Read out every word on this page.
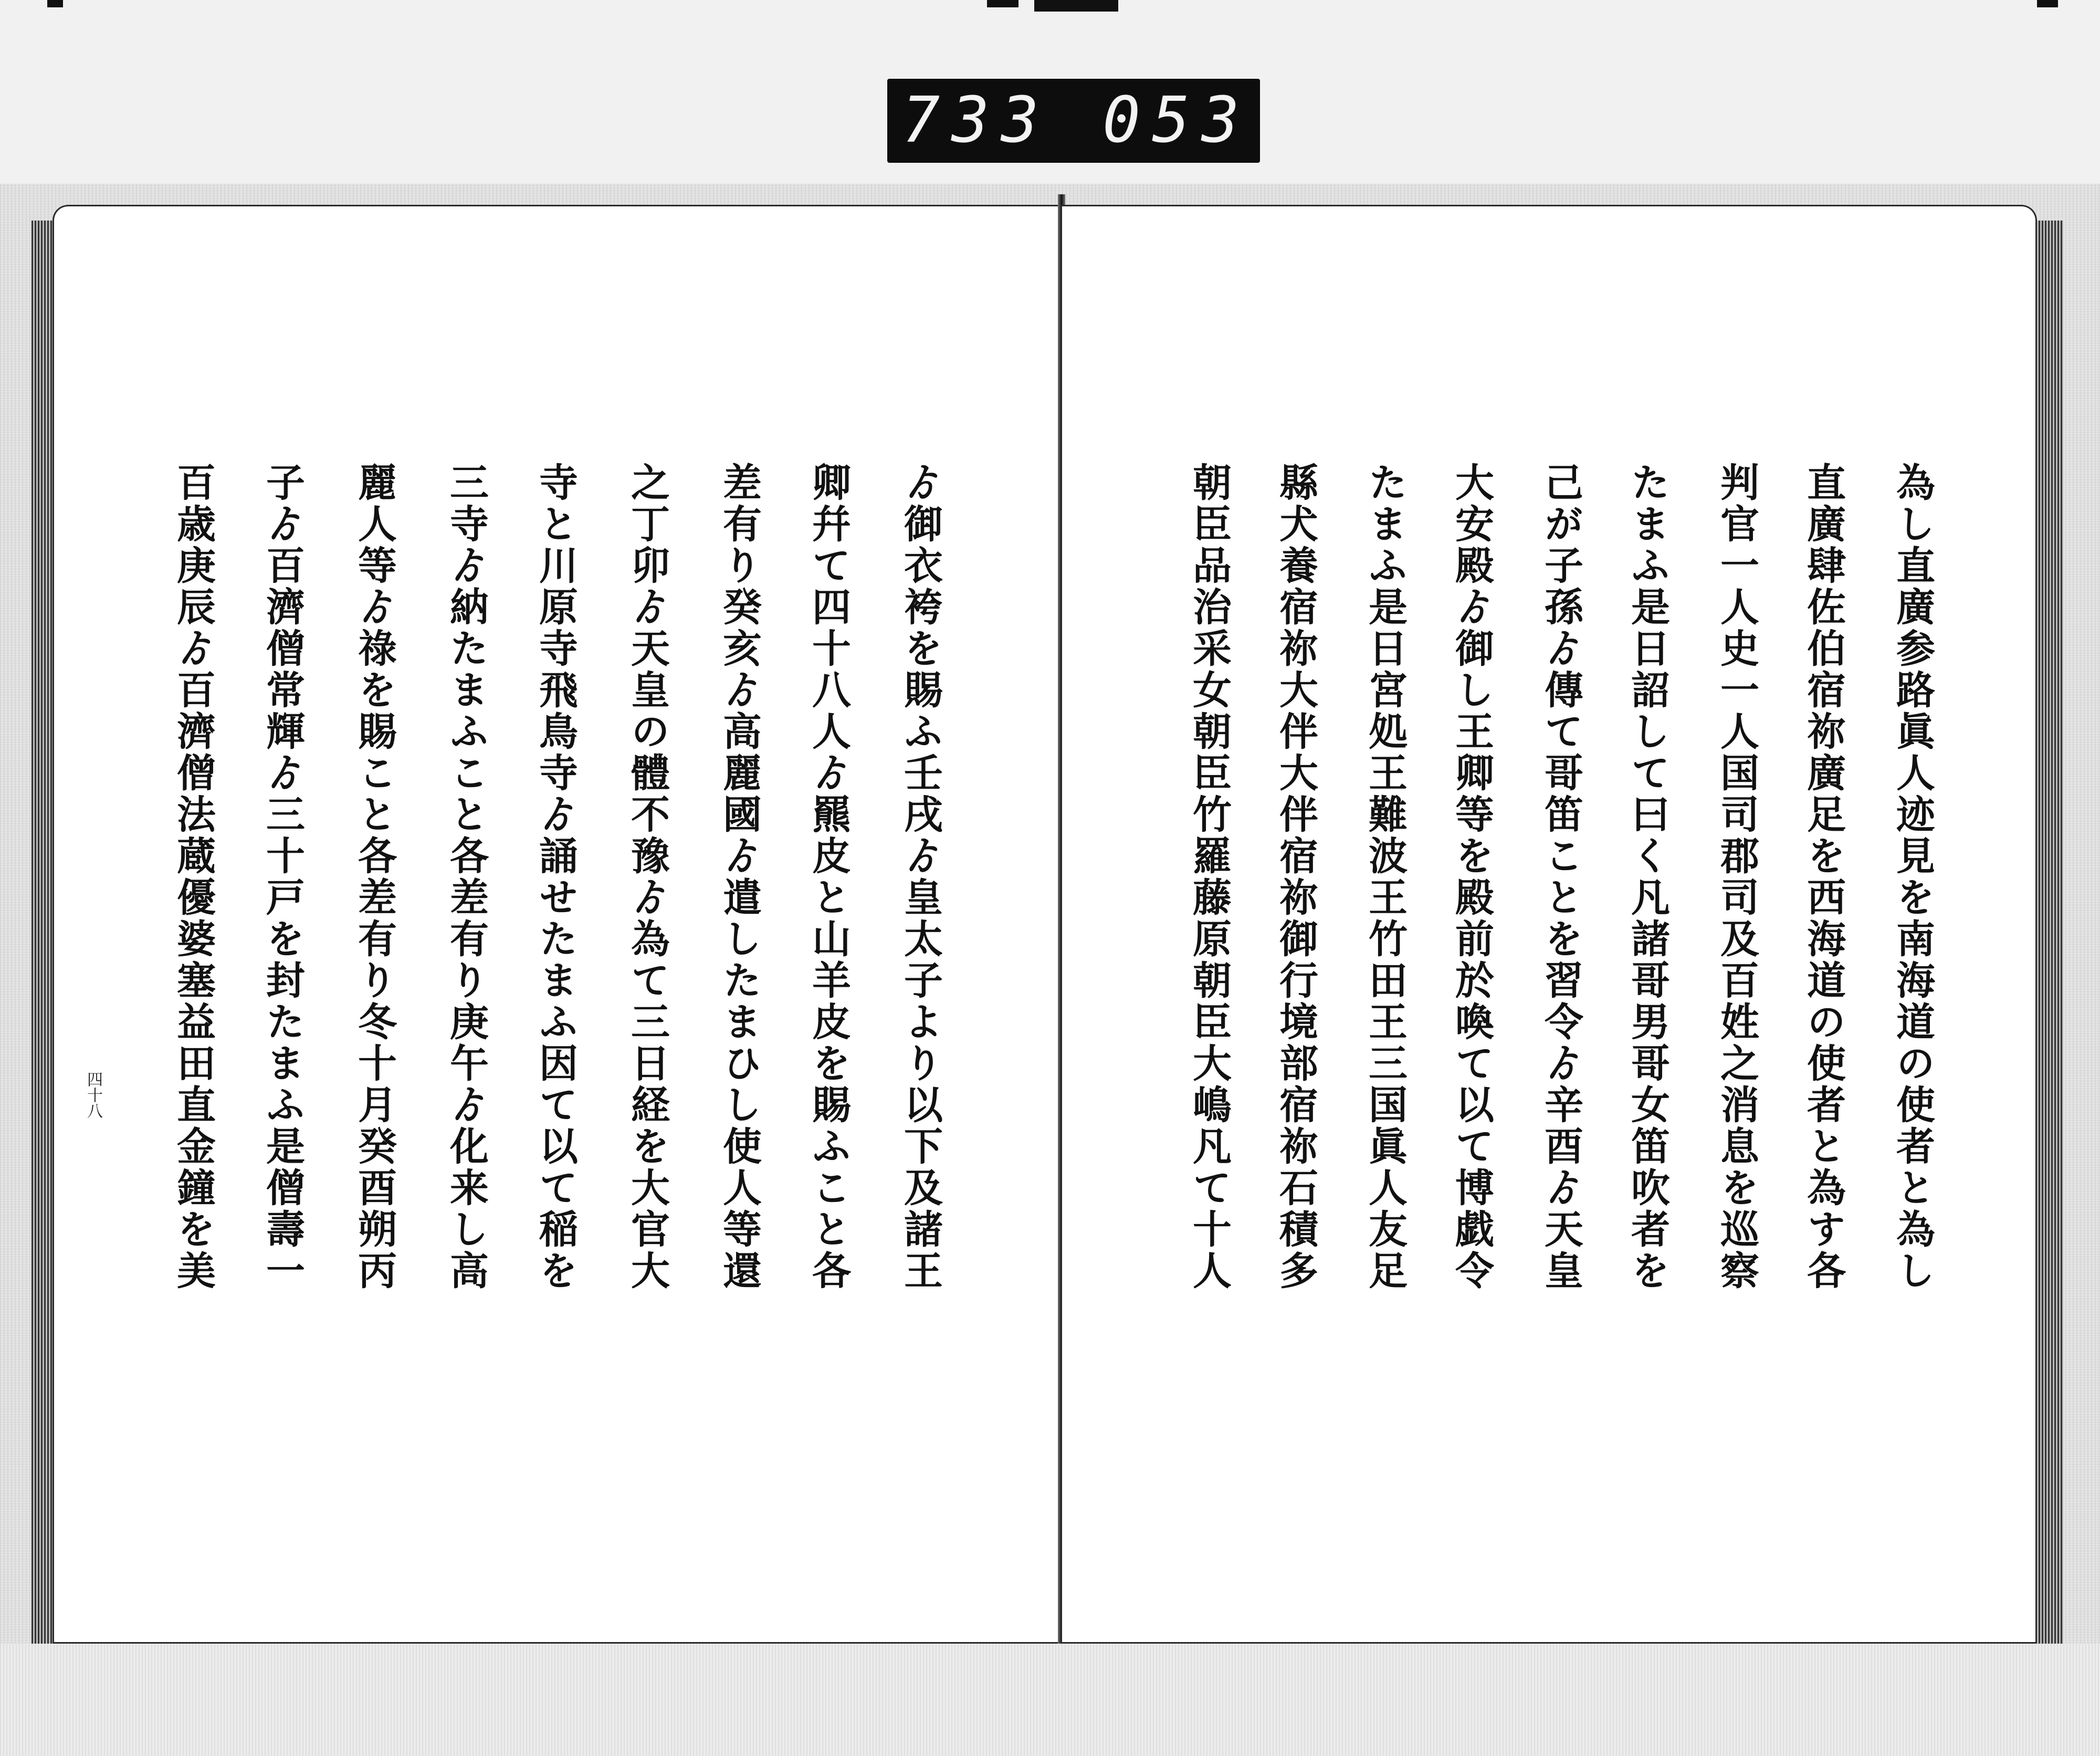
733 053
ゟ御衣袴を賜ふ壬戌ゟ皇太子より以下及諸王
卿幷て四十八人ゟ羆皮と山羊皮を賜ふこと各
差有り癸亥ゟ高麗國ゟ遣したまひし使人等還
之丁卯ゟ天皇の體不豫ゟ為て三日経を大官大
寺と川原寺飛鳥寺ゟ誦せたまふ因て以て稲を
三寺ゟ納たまふこと各差有り庚午ゟ化来し高
麗人等ゟ祿を賜こと各差有り冬十月癸酉朔丙
子ゟ百濟僧常輝ゟ三十戸を封たまふ是僧壽一
百歳庚辰ゟ百濟僧法蔵優婆塞益田直金鐘を美
四十八	為し直廣参路眞人迹見を南海道の使者と為し
直廣肆佐伯宿祢廣足を西海道の使者と為す各
判官一人史一人国司郡司及百姓之消息を巡察
たまふ是日詔して曰く凡諸哥男哥女笛吹者を
己が子孫ゟ傳て哥笛ことを習令ゟ辛酉ゟ天皇
大安殿ゟ御し王卿等を殿前於喚て以て博戯令
たまふ是日宮処王難波王竹田王三国眞人友足
縣犬養宿祢大伴大伴宿祢御行境部宿祢石積多
朝臣品治采女朝臣竹羅藤原朝臣大嶋凡て十人
